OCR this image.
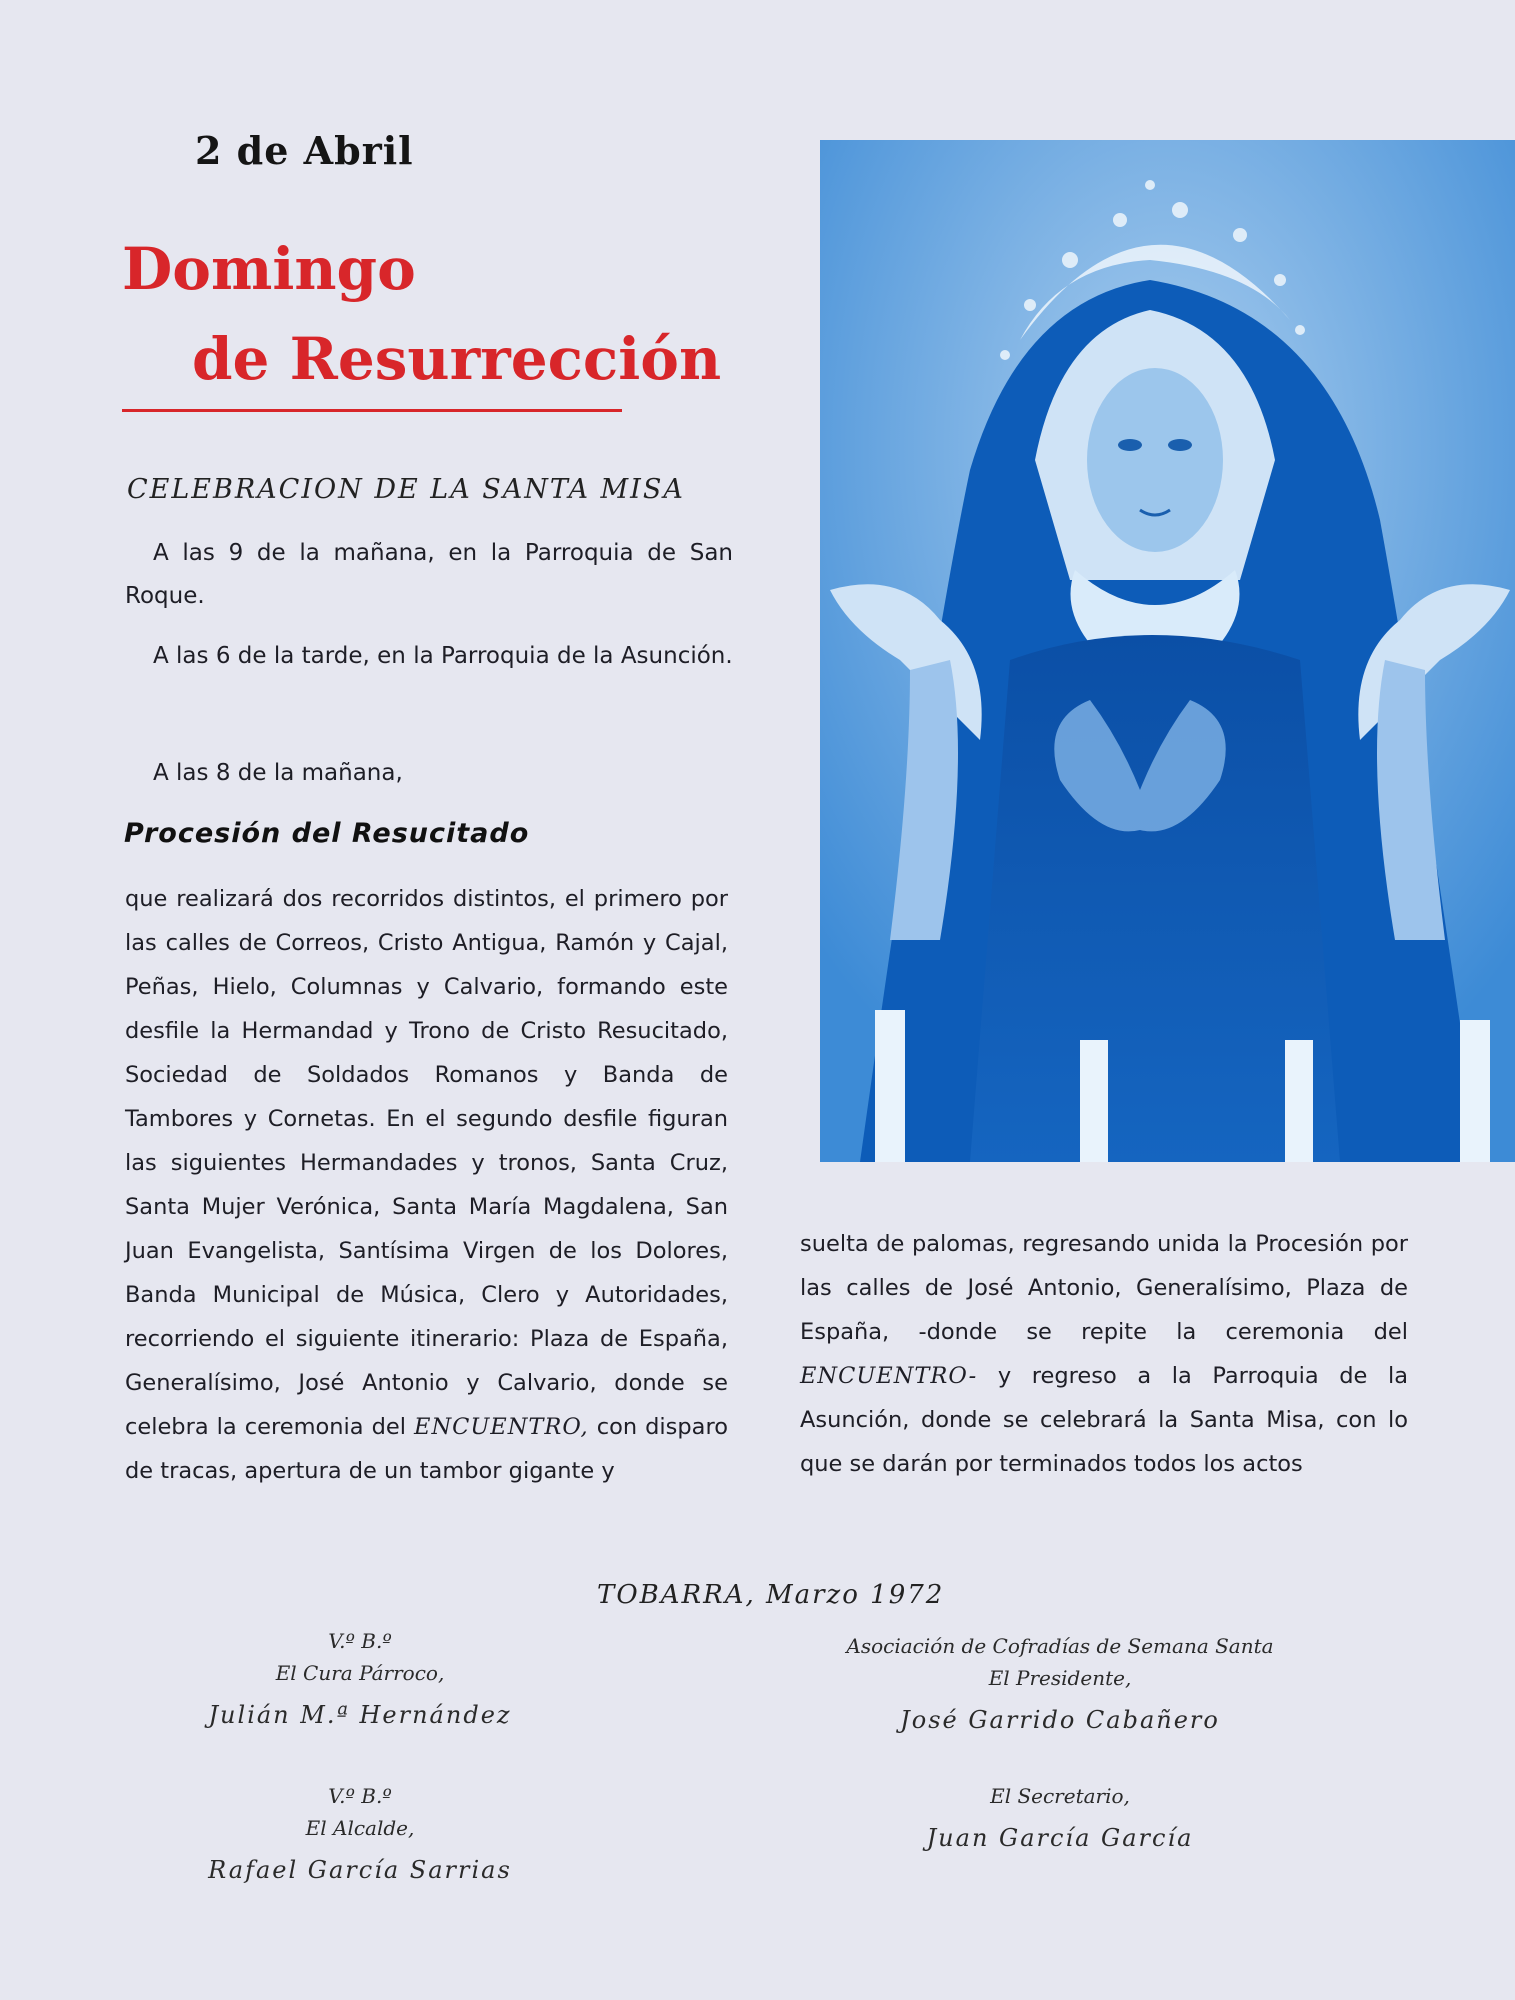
2 de Abril
Domingo
de Resurrección
CELEBRACION DE LA SANTA MISA
A las 9 de la mañana, en la Parroquia de San Roque.
A las 6 de la tarde, en la Parroquia de la Asunción.
A las 8 de la mañana,
Procesión del Resucitado
que realizará dos recorridos distintos, el primero por las calles de Correos, Cristo Antigua, Ramón y Cajal, Peñas, Hielo, Columnas y Calvario, formando este desfile la Hermandad y Trono de Cristo Resucitado, Sociedad de Soldados Romanos y Banda de Tambores y Cornetas. En el segundo desfile figuran las siguientes Hermandades y tronos, Santa Cruz, Santa Mujer Verónica, Santa María Magdalena, San Juan Evangelista, Santísima Virgen de los Dolores, Banda Municipal de Música, Clero y Autoridades, recorriendo el siguiente itinerario: Plaza de España, Generalísimo, José Antonio y Calvario, donde se celebra la ceremonia del ENCUENTRO, con disparo de tracas, apertura de un tambor gigante y
suelta de palomas, regresando unida la Procesión por las calles de José Antonio, Generalísimo, Plaza de España, -donde se repite la ceremonia del ENCUENTRO- y regreso a la Parroquia de la Asunción, donde se celebrará la Santa Misa, con lo que se darán por terminados todos los actos
TOBARRA, Marzo 1972
V.º B.º
El Cura Párroco,
Julián M.ª Hernández
V.º B.º
El Alcalde,
Rafael García Sarrias
Asociación de Cofradías de Semana Santa
El Presidente,
José Garrido Cabañero
El Secretario,
Juan García García
